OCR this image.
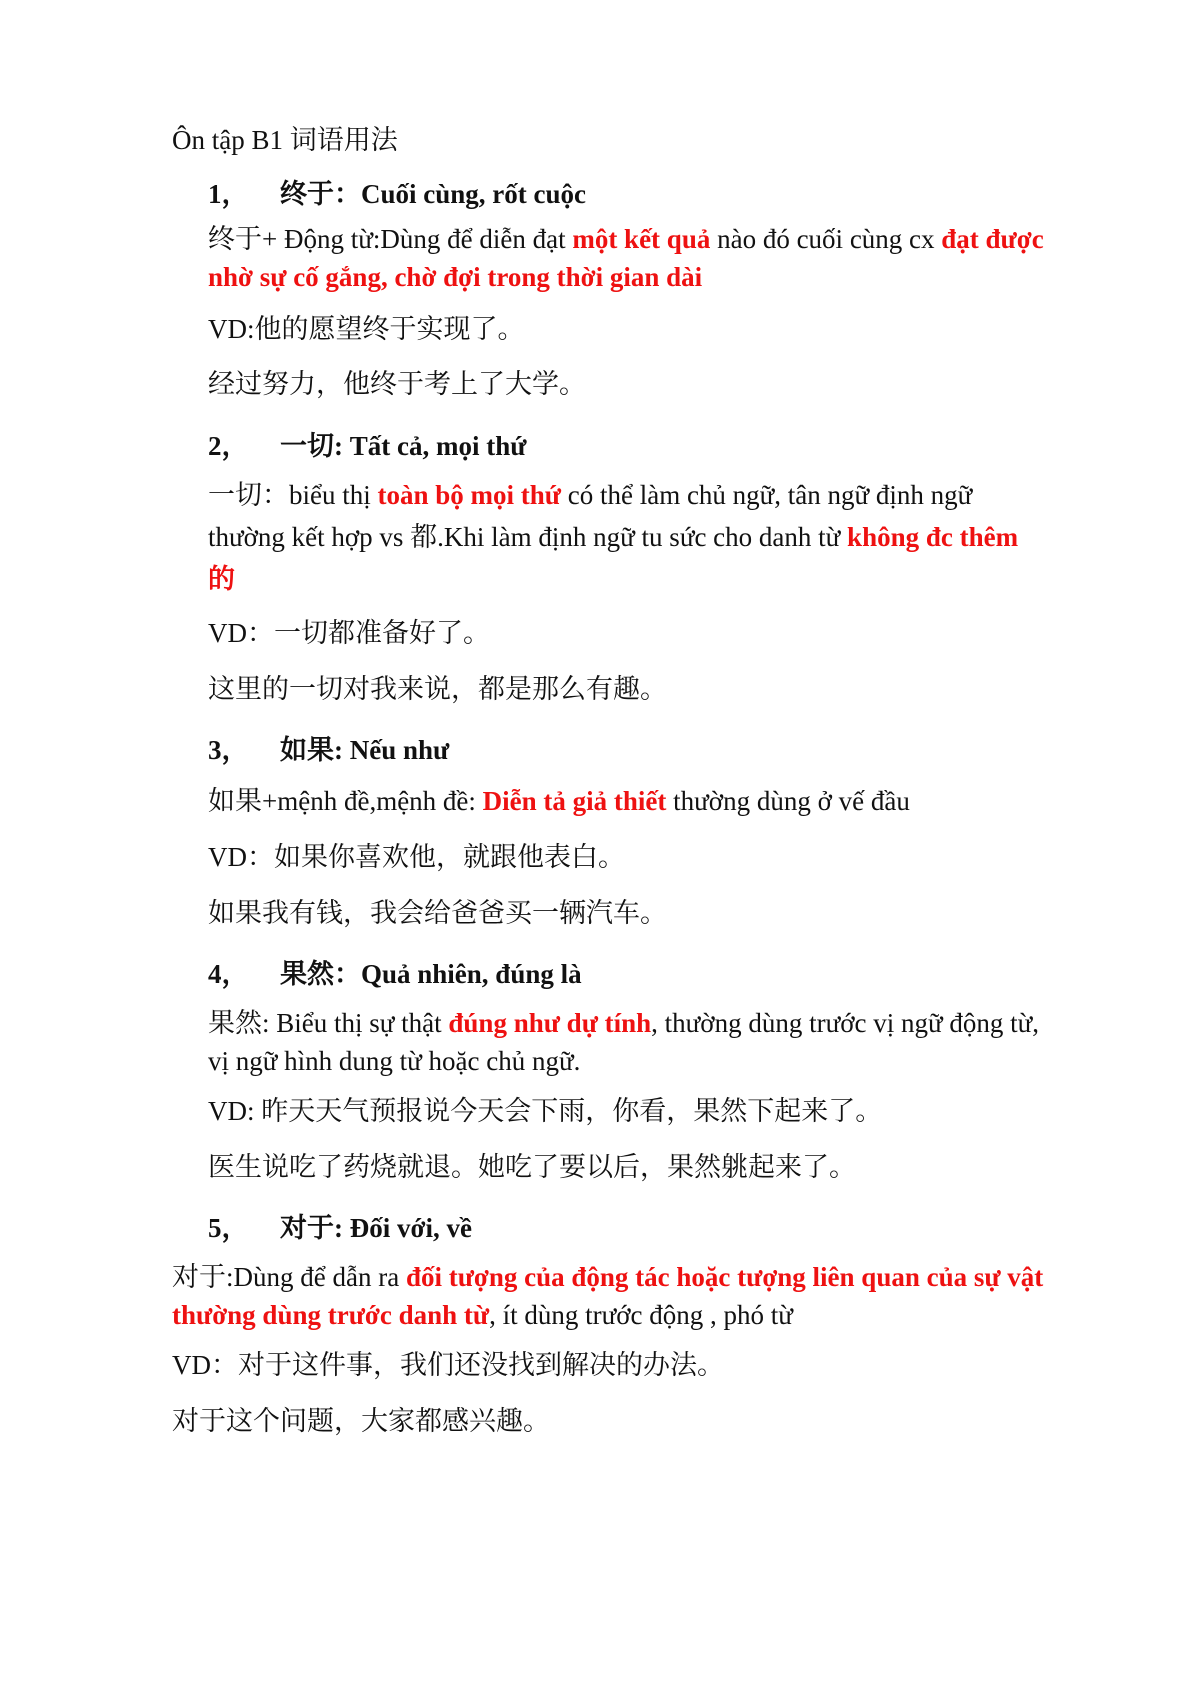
Ôn tập B1 词语用法
1， 终于：Cuối cùng, rốt cuộc
终于+ Động từ:Dùng để diễn đạt một kết quả nào đó cuối cùng cx đạt được
nhờ sự cố gắng, chờ đợi trong thời gian dài
VD:他的愿望终于实现了。
经过努力，他终于考上了大学。
2， 一切: Tất cả, mọi thứ
一切：biểu thị toàn bộ mọi thứ có thể làm chủ ngữ, tân ngữ định ngữ
thường kết hợp vs 都.Khi làm định ngữ tu sức cho danh từ không đc thêm
的
VD：一切都准备好了。
这里的一切对我来说，都是那么有趣。
3， 如果: Nếu như
如果+mệnh đề,mệnh đề: Diễn tả giả thiết thường dùng ở vế đầu
VD：如果你喜欢他，就跟他表白。
如果我有钱，我会给爸爸买一辆汽车。
4， 果然：Quả nhiên, đúng là
果然: Biểu thị sự thật đúng như dự tính, thường dùng trước vị ngữ động từ,
vị ngữ hình dung từ hoặc chủ ngữ.
VD: 昨天天气预报说今天会下雨，你看，果然下起来了。
医生说吃了药烧就退。她吃了要以后，果然䠷起来了。
5， 对于: Đối với, về
对于:Dùng để dẫn ra đối tượng của động tác hoặc tượng liên quan của sự vật
thường dùng trước danh từ, ít dùng trước động , phó từ
VD：对于这件事，我们还没找到解决的办法。
对于这个问题，大家都感兴趣。
